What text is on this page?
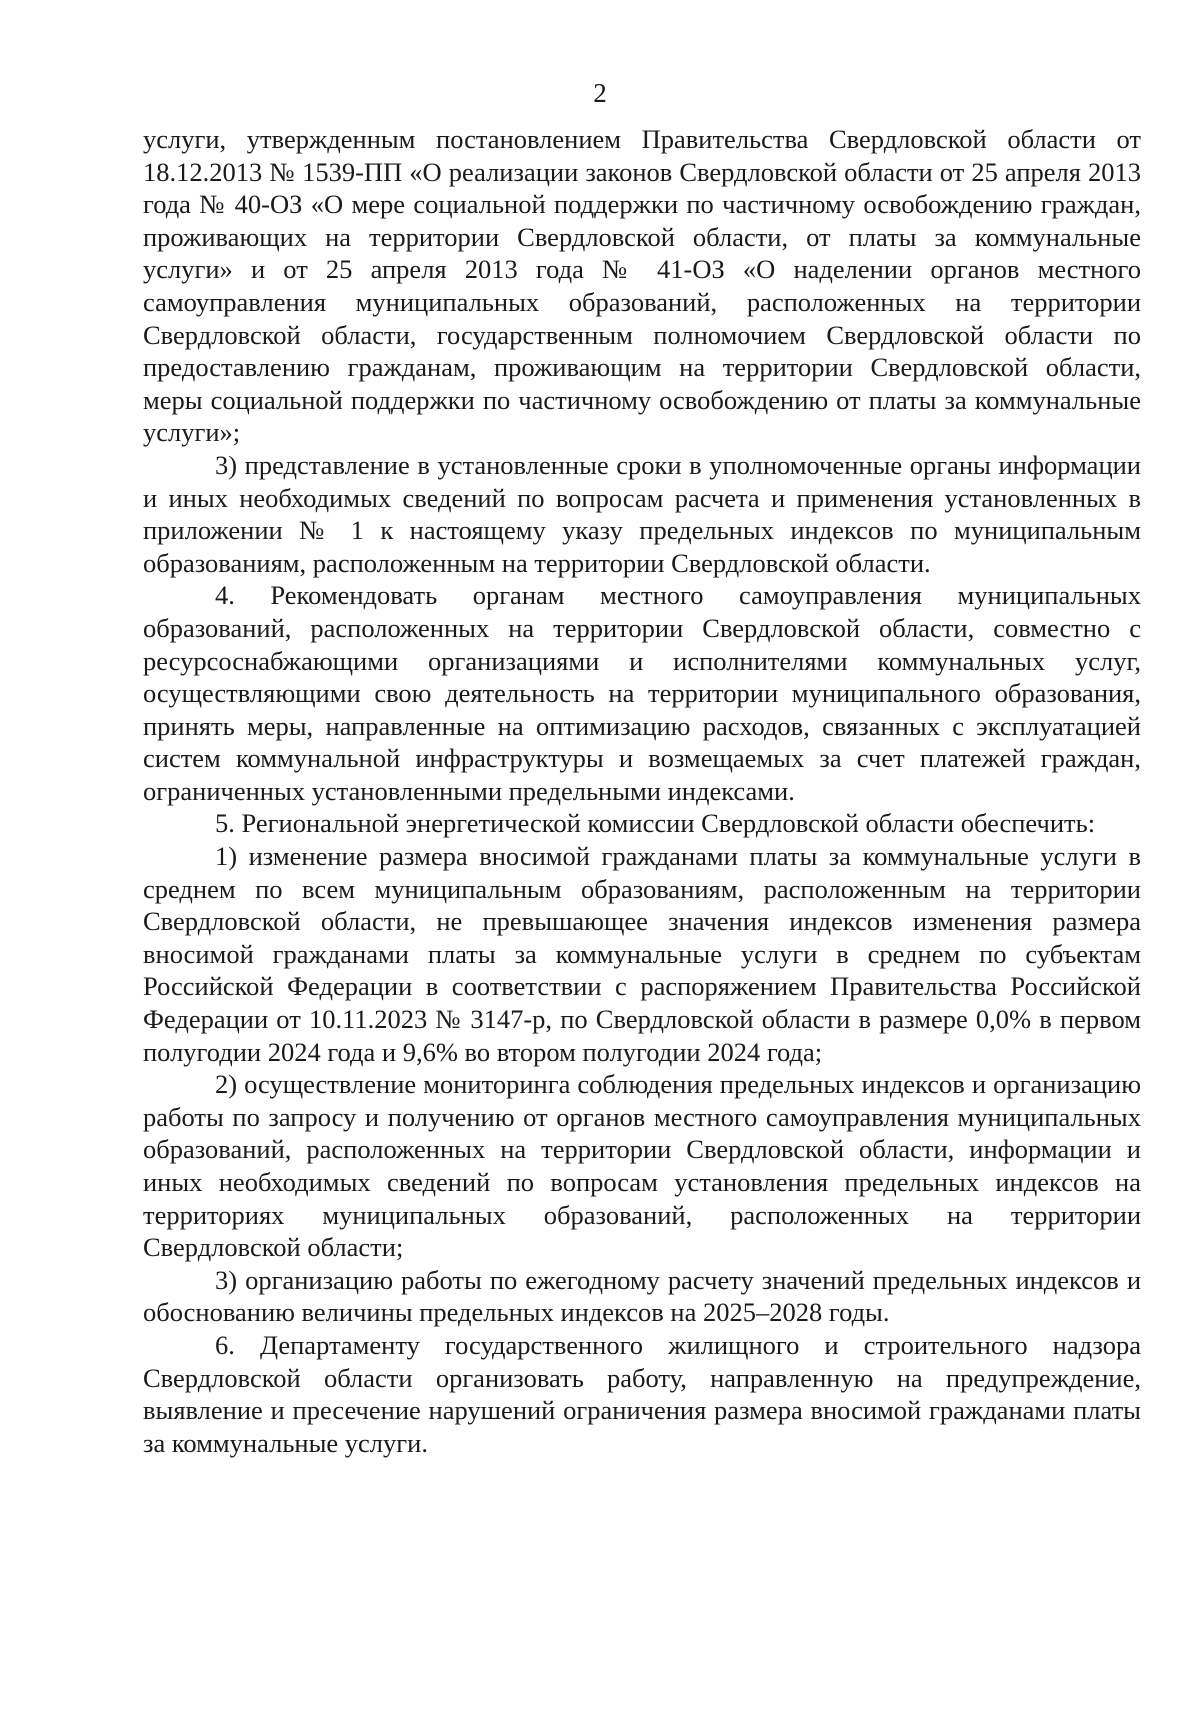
2

услуги, утвержденным постановлением Правительства Свердловской области от 18.12.2013 № 1539-ПП «О реализации законов Свердловской области от 25 апреля 2013 года № 40-ОЗ «О мере социальной поддержки по частичному освобождению граждан, проживающих на территории Свердловской области, от платы за коммунальные услуги» и от 25 апреля 2013 года № 41-ОЗ «О наделении органов местного самоуправления муниципальных образований, расположенных на территории Свердловской области, государственным полномочием Свердловской области по предоставлению гражданам, проживающим на территории Свердловской области, меры социальной поддержки по частичному освобождению от платы за коммунальные услуги»;

3) представление в установленные сроки в уполномоченные органы информации и иных необходимых сведений по вопросам расчета и применения установленных в приложении № 1 к настоящему указу предельных индексов по муниципальным образованиям, расположенным на территории Свердловской области.

4. Рекомендовать органам местного самоуправления муниципальных образований, расположенных на территории Свердловской области, совместно с ресурсоснабжающими организациями и исполнителями коммунальных услуг, осуществляющими свою деятельность на территории муниципального образования, принять меры, направленные на оптимизацию расходов, связанных с эксплуатацией систем коммунальной инфраструктуры и возмещаемых за счет платежей граждан, ограниченных установленными предельными индексами.

5. Региональной энергетической комиссии Свердловской области обеспечить:

1) изменение размера вносимой гражданами платы за коммунальные услуги в среднем по всем муниципальным образованиям, расположенным на территории Свердловской области, не превышающее значения индексов изменения размера вносимой гражданами платы за коммунальные услуги в среднем по субъектам Российской Федерации в соответствии с распоряжением Правительства Российской Федерации от 10.11.2023 № 3147-р, по Свердловской области в размере 0,0% в первом полугодии 2024 года и 9,6% во втором полугодии 2024 года;

2) осуществление мониторинга соблюдения предельных индексов и организацию работы по запросу и получению от органов местного самоуправления муниципальных образований, расположенных на территории Свердловской области, информации и иных необходимых сведений по вопросам установления предельных индексов на территориях муниципальных образований, расположенных на территории Свердловской области;

3) организацию работы по ежегодному расчету значений предельных индексов и обоснованию величины предельных индексов на 2025–2028 годы.

6. Департаменту государственного жилищного и строительного надзора Свердловской области организовать работу, направленную на предупреждение, выявление и пресечение нарушений ограничения размера вносимой гражданами платы за коммунальные услуги.
